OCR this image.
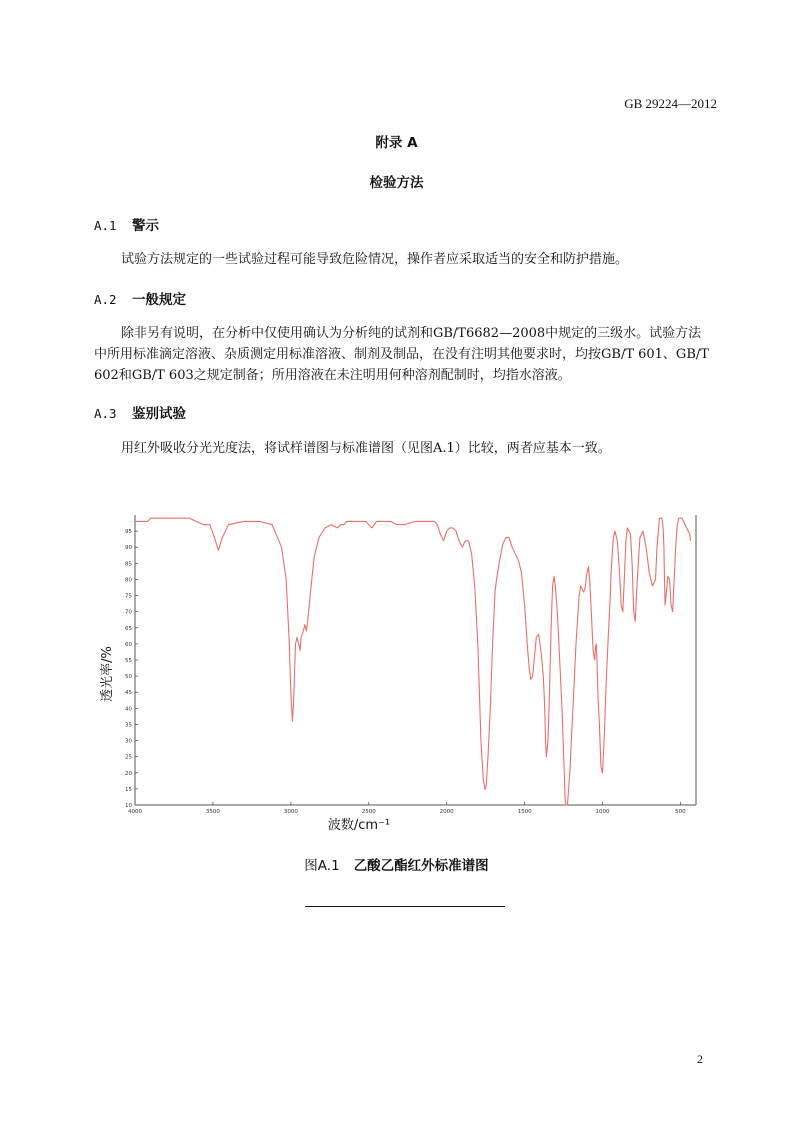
GB 29224—2012
附录 A
检验方法
A.1 警示
试验方法规定的一些试验过程可能导致危险情况，操作者应采取适当的安全和防护措施。
A.2 一般规定
除非另有说明，在分析中仅使用确认为分析纯的试剂和GB/T6682—2008中规定的三级水。试验方法中所用标准滴定溶液、杂质测定用标准溶液、制剂及制品，在没有注明其他要求时，均按GB/T 601、GB/T 602和GB/T 603之规定制备；所用溶液在未注明用何种溶剂配制时，均指水溶液。
A.3 鉴别试验
用红外吸收分光光度法，将试样谱图与标准谱图（见图A.1）比较，两者应基本一致。
10
15
20
25
30
35
40
45
50
55
60
65
70
75
80
85
90
95
4000	3500	3000	2500	2000	1500	1000	500
透光率/%
波数/cm⁻¹
图A.1 乙酸乙酯红外标准谱图
2
